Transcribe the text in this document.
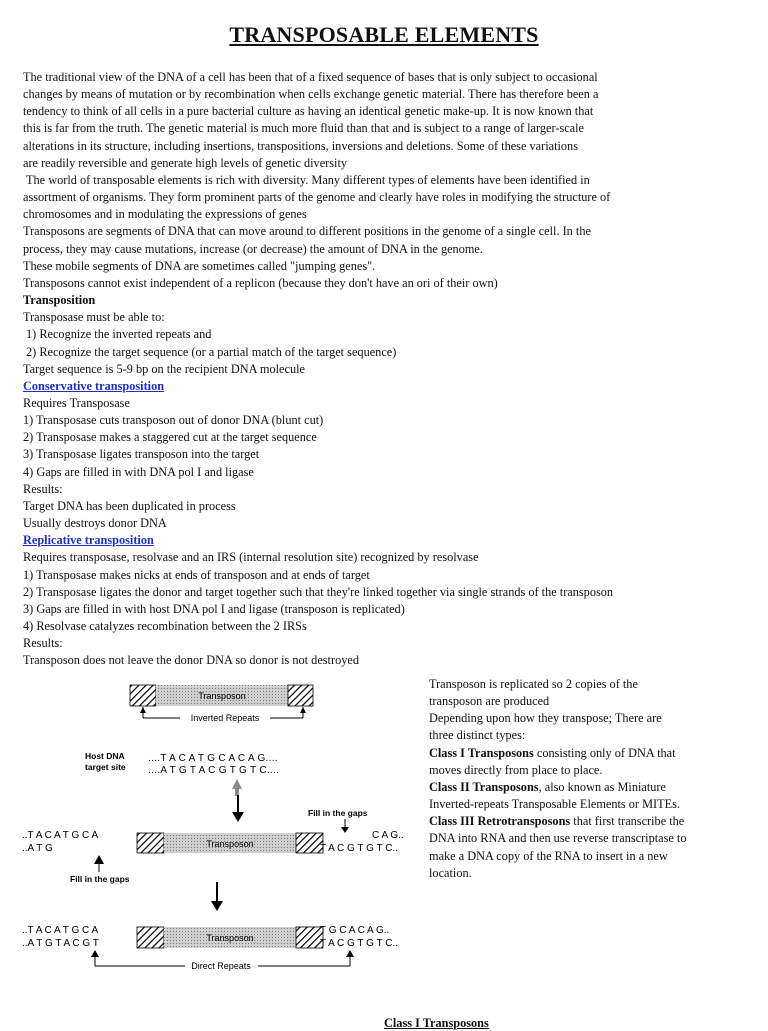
TRANSPOSABLE ELEMENTS

The traditional view of the DNA of a cell has been that of a fixed sequence of bases that is only subject to occasional

changes by means of mutation or by recombination when cells exchange genetic material. There has therefore been a

tendency to think of all cells in a pure bacterial culture as having an identical genetic make-up. It is now known that

this is far from the truth. The genetic material is much more fluid than that and is subject to a range of larger-scale

alterations in its structure, including insertions, transpositions, inversions and deletions. Some of these variations

are readily reversible and generate high levels of genetic diversity

The world of transposable elements is rich with diversity. Many different types of elements have been identified in

assortment of organisms. They form prominent parts of the genome and clearly have roles in modifying the structure of

chromosomes and in modulating the expressions of genes

Transposons are segments of DNA that can move around to different positions in the genome of a single cell. In the

process, they may cause mutations, increase (or decrease) the amount of DNA in the genome.

These mobile segments of DNA are sometimes called "jumping genes".

Transposons cannot exist independent of a replicon (because they don't have an ori of their own)

Transposition

Transposase must be able to:

1) Recognize the inverted repeats and

2) Recognize the target sequence (or a partial match of the target sequence)

Target sequence is 5-9 bp on the recipient DNA molecule

Conservative transposition

Requires Transposase

1) Transposase cuts transposon out of donor DNA (blunt cut)

2) Transposase makes a staggered cut at the target sequence

3) Transposase ligates transposon into the target

4) Gaps are filled in with DNA pol I and ligase

Results:

Target DNA has been duplicated in process

Usually destroys donor DNA

Replicative transposition

Requires transposase, resolvase and an IRS (internal resolution site) recognized by resolvase

1) Transposase makes nicks at ends of transposon and at ends of target

2) Transposase ligates the donor and target together such that they're linked together via single strands of the transposon

3) Gaps are filled in with host DNA pol I and ligase (transposon is replicated)

4) Resolvase catalyzes recombination between the 2 IRSs

Results:

Transposon does not leave the donor DNA so donor is not destroyed

Transposon
Inverted Repeats
Host DNA
target site
....T A C A T G C A C A G....
....A T G T A C G T G T C....
Fill in the gaps
..T A C A T G C A
..A T G	Transposon
C A G..
T A C G T G T C..
Fill in the gaps
..T A C A T G C A
..A T G T A C G T	Transposon
T G C A C A G..
T A C G T G T C..
Direct Repeats

Transposon is replicated so 2 copies of the

transposon are produced

Depending upon how they transpose; There are

three distinct types:

Class I Transposons consisting only of DNA that

moves directly from place to place.

Class II Transposons, also known as Miniature

Inverted-repeats Transposable Elements or MITEs.

Class III Retrotransposons that first transcribe the

DNA into RNA and then use reverse transcriptase to

make a DNA copy of the RNA to insert in a new

location.

Class I Transposons
